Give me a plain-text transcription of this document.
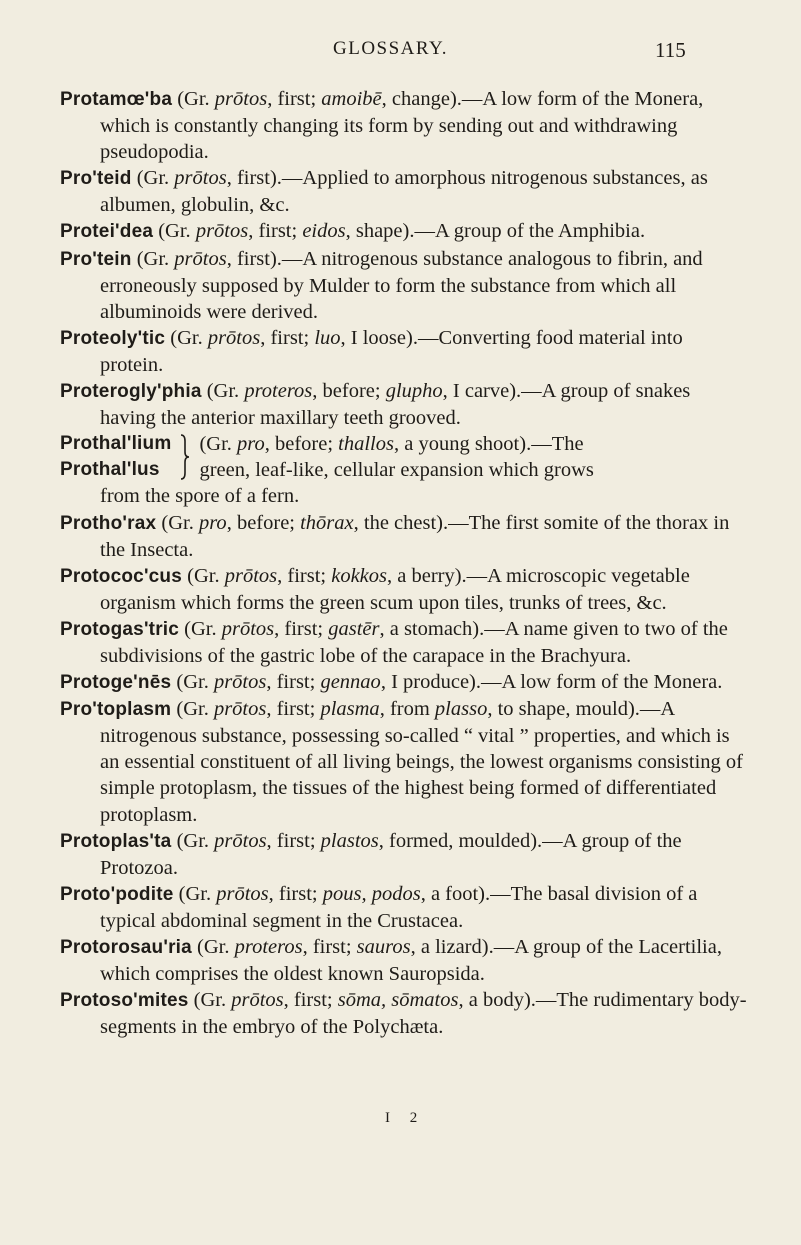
GLOSSARY.	115

Protamœ'ba (Gr. prōtos, first; amoibē, change).—A low form of the Monera, which is constantly changing its form by sending out and withdrawing pseudopodia.

Pro'teid (Gr. prōtos, first).—Applied to amorphous nitrogenous substances, as albumen, globulin, &c.

Protei'dea (Gr. prōtos, first; eidos, shape).—A group of the Amphibia.

Pro'tein (Gr. prōtos, first).—A nitrogenous substance analogous to fibrin, and erroneously supposed by Mulder to form the substance from which all albuminoids were derived.

Proteoly'tic (Gr. prōtos, first; luo, I loose).—Converting food material into protein.

Proterogly'phia (Gr. proteros, before; glupho, I carve).—A group of snakes having the anterior maxillary teeth grooved.

Prothal'lium
Prothal'lus
(Gr. pro, before; thallos, a young shoot).—The
green, leaf-like, cellular expansion which grows
from the spore of a fern.

Protho'rax (Gr. pro, before; thōrax, the chest).—The first somite of the thorax in the Insecta.

Protococ'cus (Gr. prōtos, first; kokkos, a berry).—A microscopic vegetable organism which forms the green scum upon tiles, trunks of trees, &c.

Protogas'tric (Gr. prōtos, first; gastēr, a stomach).—A name given to two of the subdivisions of the gastric lobe of the carapace in the Brachyura.

Protoge'nēs (Gr. prōtos, first; gennao, I produce).—A low form of the Monera.

Pro'toplasm (Gr. prōtos, first; plasma, from plasso, to shape, mould).—A nitrogenous substance, possessing so-called “ vital ” properties, and which is an essential constituent of all living beings, the lowest organisms consisting of simple protoplasm, the tissues of the highest being formed of differentiated protoplasm.

Protoplas'ta (Gr. prōtos, first; plastos, formed, moulded).—A group of the Protozoa.

Proto'podite (Gr. prōtos, first; pous, podos, a foot).—The basal division of a typical abdominal segment in the Crustacea.

Protorosau'ria (Gr. proteros, first; sauros, a lizard).—A group of the Lacertilia, which comprises the oldest known Sauropsida.

Protoso'mites (Gr. prōtos, first; sōma, sōmatos, a body).—The rudimentary body-segments in the embryo of the Polychæta.

I 2
